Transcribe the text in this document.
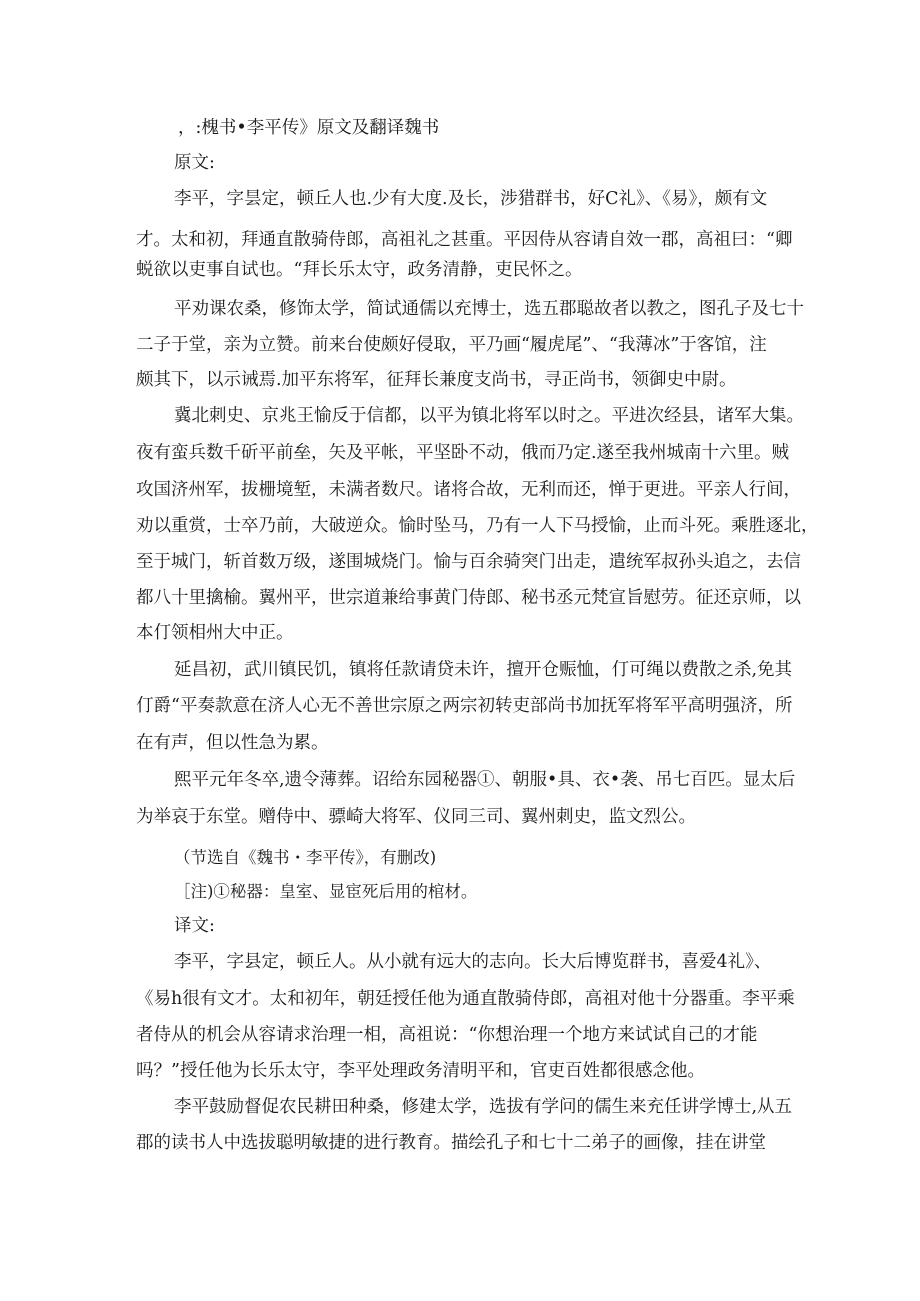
，:槐书•李平传》原文及翻译魏书
原文:
李平，字昙定，顿丘人也.少有大度.及长，涉猎群书，好C礼》、《易》，颇有文
才。太和初，拜通直散骑侍郎，高祖礼之甚重。平因侍从容请自效一郡，高祖曰：“卿
蜕欲以吏事自试也。“拜长乐太守，政务清静，吏民怀之。
平劝课农桑，修饰太学，简试通儒以充博士，选五郡聪故者以教之，图孔子及七十
二子于堂，亲为立赞。前来台使颇好侵取，平乃画“履虎尾”、“我薄冰”于客馆，注
颇其下，以示诫焉.加平东将军，征拜长兼度支尚书，寻正尚书，领御史中尉。
冀北刺史、京兆王愉反于信都，以平为镇北将军以时之。平进次经县，诸军大集。
夜有蛮兵数千斫平前垒，矢及平帐，平坚卧不动，俄而乃定.遂至我州城南十六里。贼
攻国济州军，拔栅境堑，未满者数尺。诸将合故，无利而还，惮于更进。平亲人行间，
劝以重赏，士卒乃前，大破逆众。愉时坠马，乃有一人下马授愉，止而斗死。乘胜逐北，
至于城门，斩首数万级，遂围城烧门。愉与百余骑突门出走，遣统军叔孙头追之，去信
都八十里擒榆。翼州平，世宗道兼给事黄门侍郎、秘书丞元梵宣旨慰劳。征还京师，以
本仃领相州大中正。
延昌初，武川镇民饥，镇将任款请贷未许，擅开仓赈恤，仃可绳以费散之杀,免其
仃爵“平奏款意在济人心无不善世宗原之两宗初转吏部尚书加抚军将军平高明强济，所
在有声，但以性急为累。
熙平元年冬卒,遗令薄葬。诏给东园秘器①、朝服•具、衣•袭、吊七百匹。显太后
为举哀于东堂。赠侍中、骠崎大将军、仪同三司、翼州刺史，监文烈公。
（节选自《魏书・李平传》，有删改)
［注)①秘器：皇室、显宦死后用的棺材。
译文:
李平，字县定，顿丘人。从小就有远大的志向。长大后博览群书，喜爱4礼》、
《易h很有文才。太和初年，朝廷授任他为通直散骑侍郎，高祖对他十分器重。李平乘
者侍从的机会从容请求治理一相，高祖说：“你想治理一个地方来试试自己的才能
吗？”授任他为长乐太守，李平处理政务清明平和，官吏百姓都很感念他。
李平鼓励督促农民耕田种桑，修建太学，选拔有学问的儒生来充任讲学博士,从五
郡的读书人中选拔聪明敏捷的进行教育。描绘孔子和七十二弟子的画像，挂在讲堂
